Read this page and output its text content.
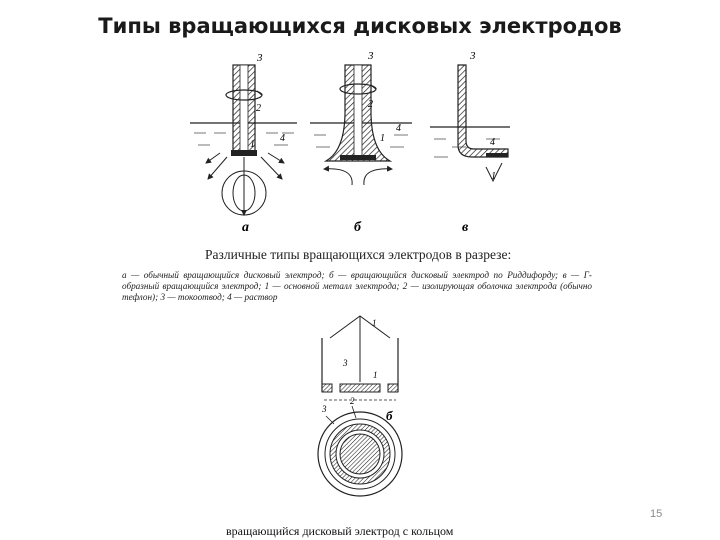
Типы вращающихся дисковых электродов
3
2
1
4
а
3
2
1
4
б
3
4
1
в
Различные типы вращающихся электродов в разрезе:
а — обычный вращающийся дисковый электрод; б — вращающийся дисковый электрод по Риддифорду; в — Г-образный вращающийся электрод; 1 — основной металл электрода; 2 — изолирующая оболочка электрода (обычно тефлон); 3 — токоотвод; 4 — раствор
1
3
1
3
2
б
15
вращающийся дисковый электрод с кольцом
